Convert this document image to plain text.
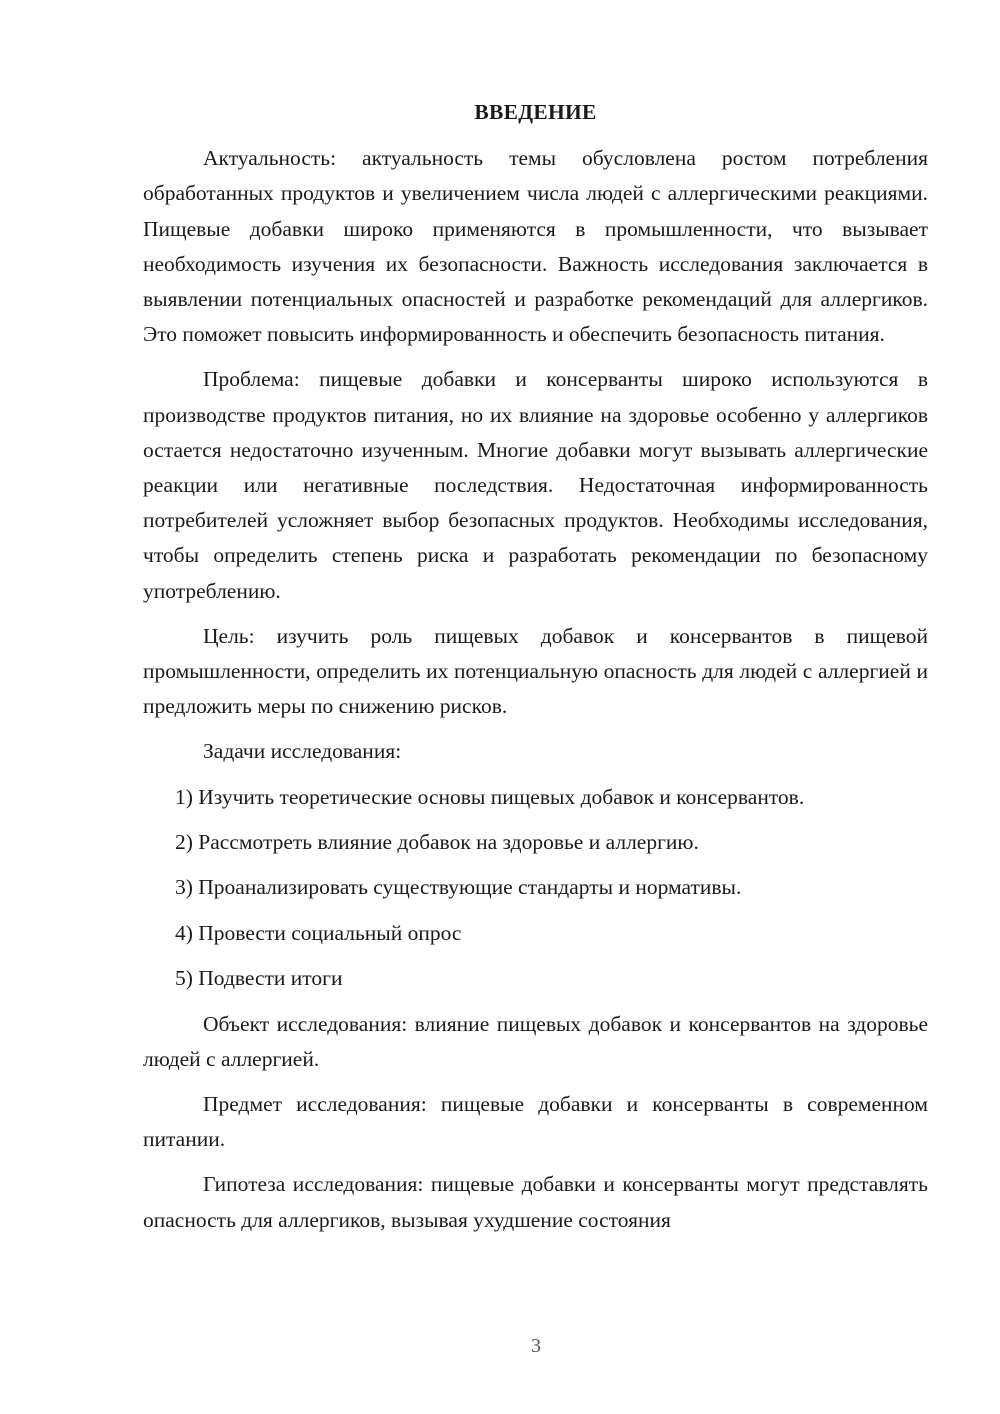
ВВЕДЕНИЕ

Актуальность: актуальность темы обусловлена ростом потребления обработанных продуктов и увеличением числа людей с аллергическими реакциями. Пищевые добавки широко применяются в промышленности, что вызывает необходимость изучения их безопасности. Важность исследования заключается в выявлении потенциальных опасностей и разработке рекомендаций для аллергиков. Это поможет повысить информированность и обеспечить безопасность питания.

Проблема: пищевые добавки и консерванты широко используются в производстве продуктов питания, но их влияние на здоровье особенно у аллергиков остается недостаточно изученным. Многие добавки могут вызывать аллергические реакции или негативные последствия. Недостаточная информированность потребителей усложняет выбор безопасных продуктов. Необходимы исследования, чтобы определить степень риска и разработать рекомендации по безопасному употреблению.

Цель: изучить роль пищевых добавок и консервантов в пищевой промышленности, определить их потенциальную опасность для людей с аллергией и предложить меры по снижению рисков.

Задачи исследования:
1) Изучить теоретические основы пищевых добавок и консервантов.
2) Рассмотреть влияние добавок на здоровье и аллергию.
3) Проанализировать существующие стандарты и нормативы.
4) Провести социальный опрос
5) Подвести итоги

Объект исследования: влияние пищевых добавок и консервантов на здоровье людей с аллергией.

Предмет исследования: пищевые добавки и консерванты в современном питании.

Гипотеза исследования: пищевые добавки и консерванты могут представлять опасность для аллергиков, вызывая ухудшение состояния

3
